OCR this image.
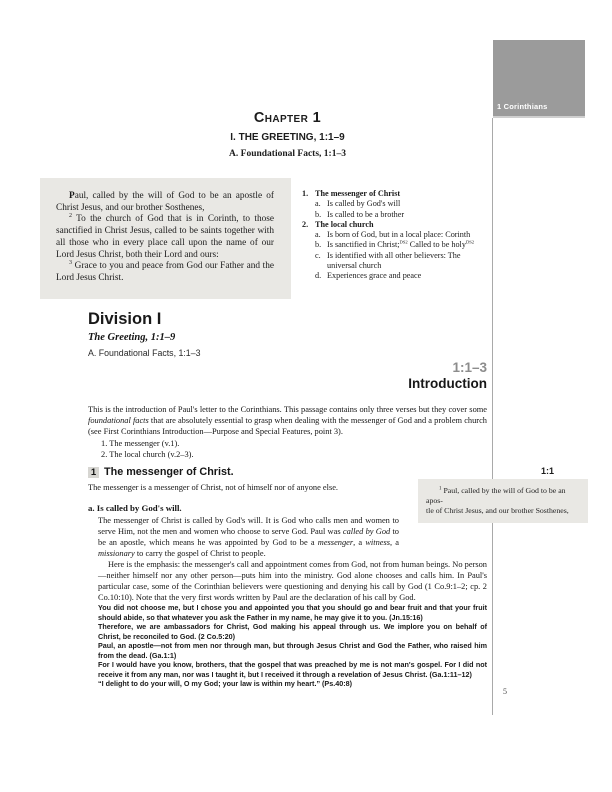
1 Corinthians
Chapter 1
I. THE GREETING, 1:1–9
A. Foundational Facts, 1:1–3

Paul, called by the will of God to be an apostle of Christ Jesus, and our brother Sosthenes,

$^2$ To the church of God that is in Corinth, to those sanctified in Christ Jesus, called to be saints together with all those who in every place call upon the name of our Lord Jesus Christ, both their Lord and ours:

$^3$ Grace to you and peace from God our Father and the Lord Jesus Christ.

1. The messenger of Christ
a. Is called by God's will
b. Is called to be a brother
2. The local church
a. Is born of God, but in a local place: Corinth
b. Is sanctified in Christ;$^{DS2}$ Called to be holy$^{DS2}$
c. Is identified with all other believers: The universal church
d. Experiences grace and peace
Division I
The Greeting, 1:1–9
A. Foundational Facts, 1:1–3
1:1–3
Introduction

This is the introduction of Paul's letter to the Corinthians. This passage contains only three verses but they cover some foundational facts that are absolutely essential to grasp when dealing with the messenger of God and a problem church (see First Corinthians Introduction—Purpose and Special Features, point 3).

1. The messenger (v.1).
2. The local church (v.2–3).
1:1
$^1$ Paul, called by the will of God to be an apos-
tle of Christ Jesus, and our brother Sosthenes,
1 The messenger of Christ.

The messenger is a messenger of Christ, not of himself nor of anyone else.

a. Is called by God's will.

The messenger of Christ is called by God's will. It is God who calls men and women to serve Him, not the men and women who choose to serve God. Paul was called by God to be an apostle, which means he was appointed by God to be a messenger, a witness, a missionary to carry the gospel of Christ to people.

Here is the emphasis: the messenger's call and appointment comes from God, not from human beings. No person—neither himself nor any other person—puts him into the ministry. God alone chooses and calls him. In Paul's particular case, some of the Corinthian believers were questioning and denying his call by God (1 Co.9:1–2; cp. 2 Co.10:10). Note that the very first words written by Paul are the declaration of his call by God.

You did not choose me, but I chose you and appointed you that you should go and bear fruit and that your fruit should abide, so that whatever you ask the Father in my name, he may give it to you. (Jn.15:16)

Therefore, we are ambassadors for Christ, God making his appeal through us. We implore you on behalf of Christ, be reconciled to God. (2 Co.5:20)

Paul, an apostle—not from men nor through man, but through Jesus Christ and God the Father, who raised him from the dead. (Ga.1:1)

For I would have you know, brothers, that the gospel that was preached by me is not man's gospel. For I did not receive it from any man, nor was I taught it, but I received it through a revelation of Jesus Christ. (Ga.1:11–12)

“I delight to do your will, O my God; your law is within my heart.” (Ps.40:8)

5
